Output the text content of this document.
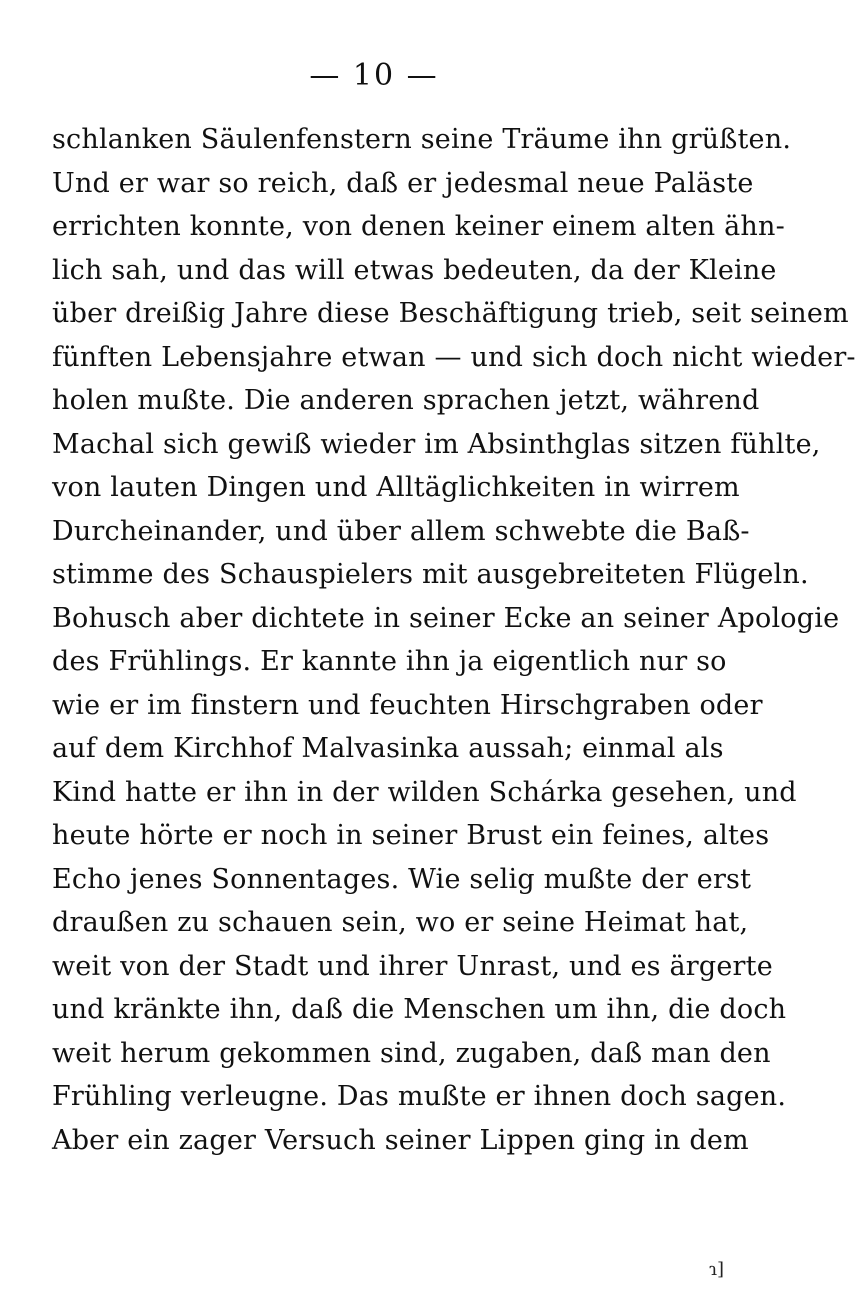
— 10 —
schlanken Säulenfenstern seine Träume ihn grüßten.
Und er war so reich, daß er jedesmal neue Paläste
errichten konnte, von denen keiner einem alten ähn-
lich sah, und das will etwas bedeuten, da der Kleine
über dreißig Jahre diese Beschäftigung trieb, seit seinem
fünften Lebensjahre etwan — und sich doch nicht wieder-
holen mußte. Die anderen sprachen jetzt, während
Machal sich gewiß wieder im Absinthglas sitzen fühlte,
von lauten Dingen und Alltäglichkeiten in wirrem
Durcheinander, und über allem schwebte die Baß-
stimme des Schauspielers mit ausgebreiteten Flügeln.
Bohusch aber dichtete in seiner Ecke an seiner Apologie
des Frühlings. Er kannte ihn ja eigentlich nur so
wie er im finstern und feuchten Hirschgraben oder
auf dem Kirchhof Malvasinka aussah; einmal als
Kind hatte er ihn in der wilden Schárka gesehen, und
heute hörte er noch in seiner Brust ein feines, altes
Echo jenes Sonnentages. Wie selig mußte der erst
draußen zu schauen sein, wo er seine Heimat hat,
weit von der Stadt und ihrer Unrast, und es ärgerte
und kränkte ihn, daß die Menschen um ihn, die doch
weit herum gekommen sind, zugaben, daß man den
Frühling verleugne. Das mußte er ihnen doch sagen.
Aber ein zager Versuch seiner Lippen ging in dem
ɿ]
